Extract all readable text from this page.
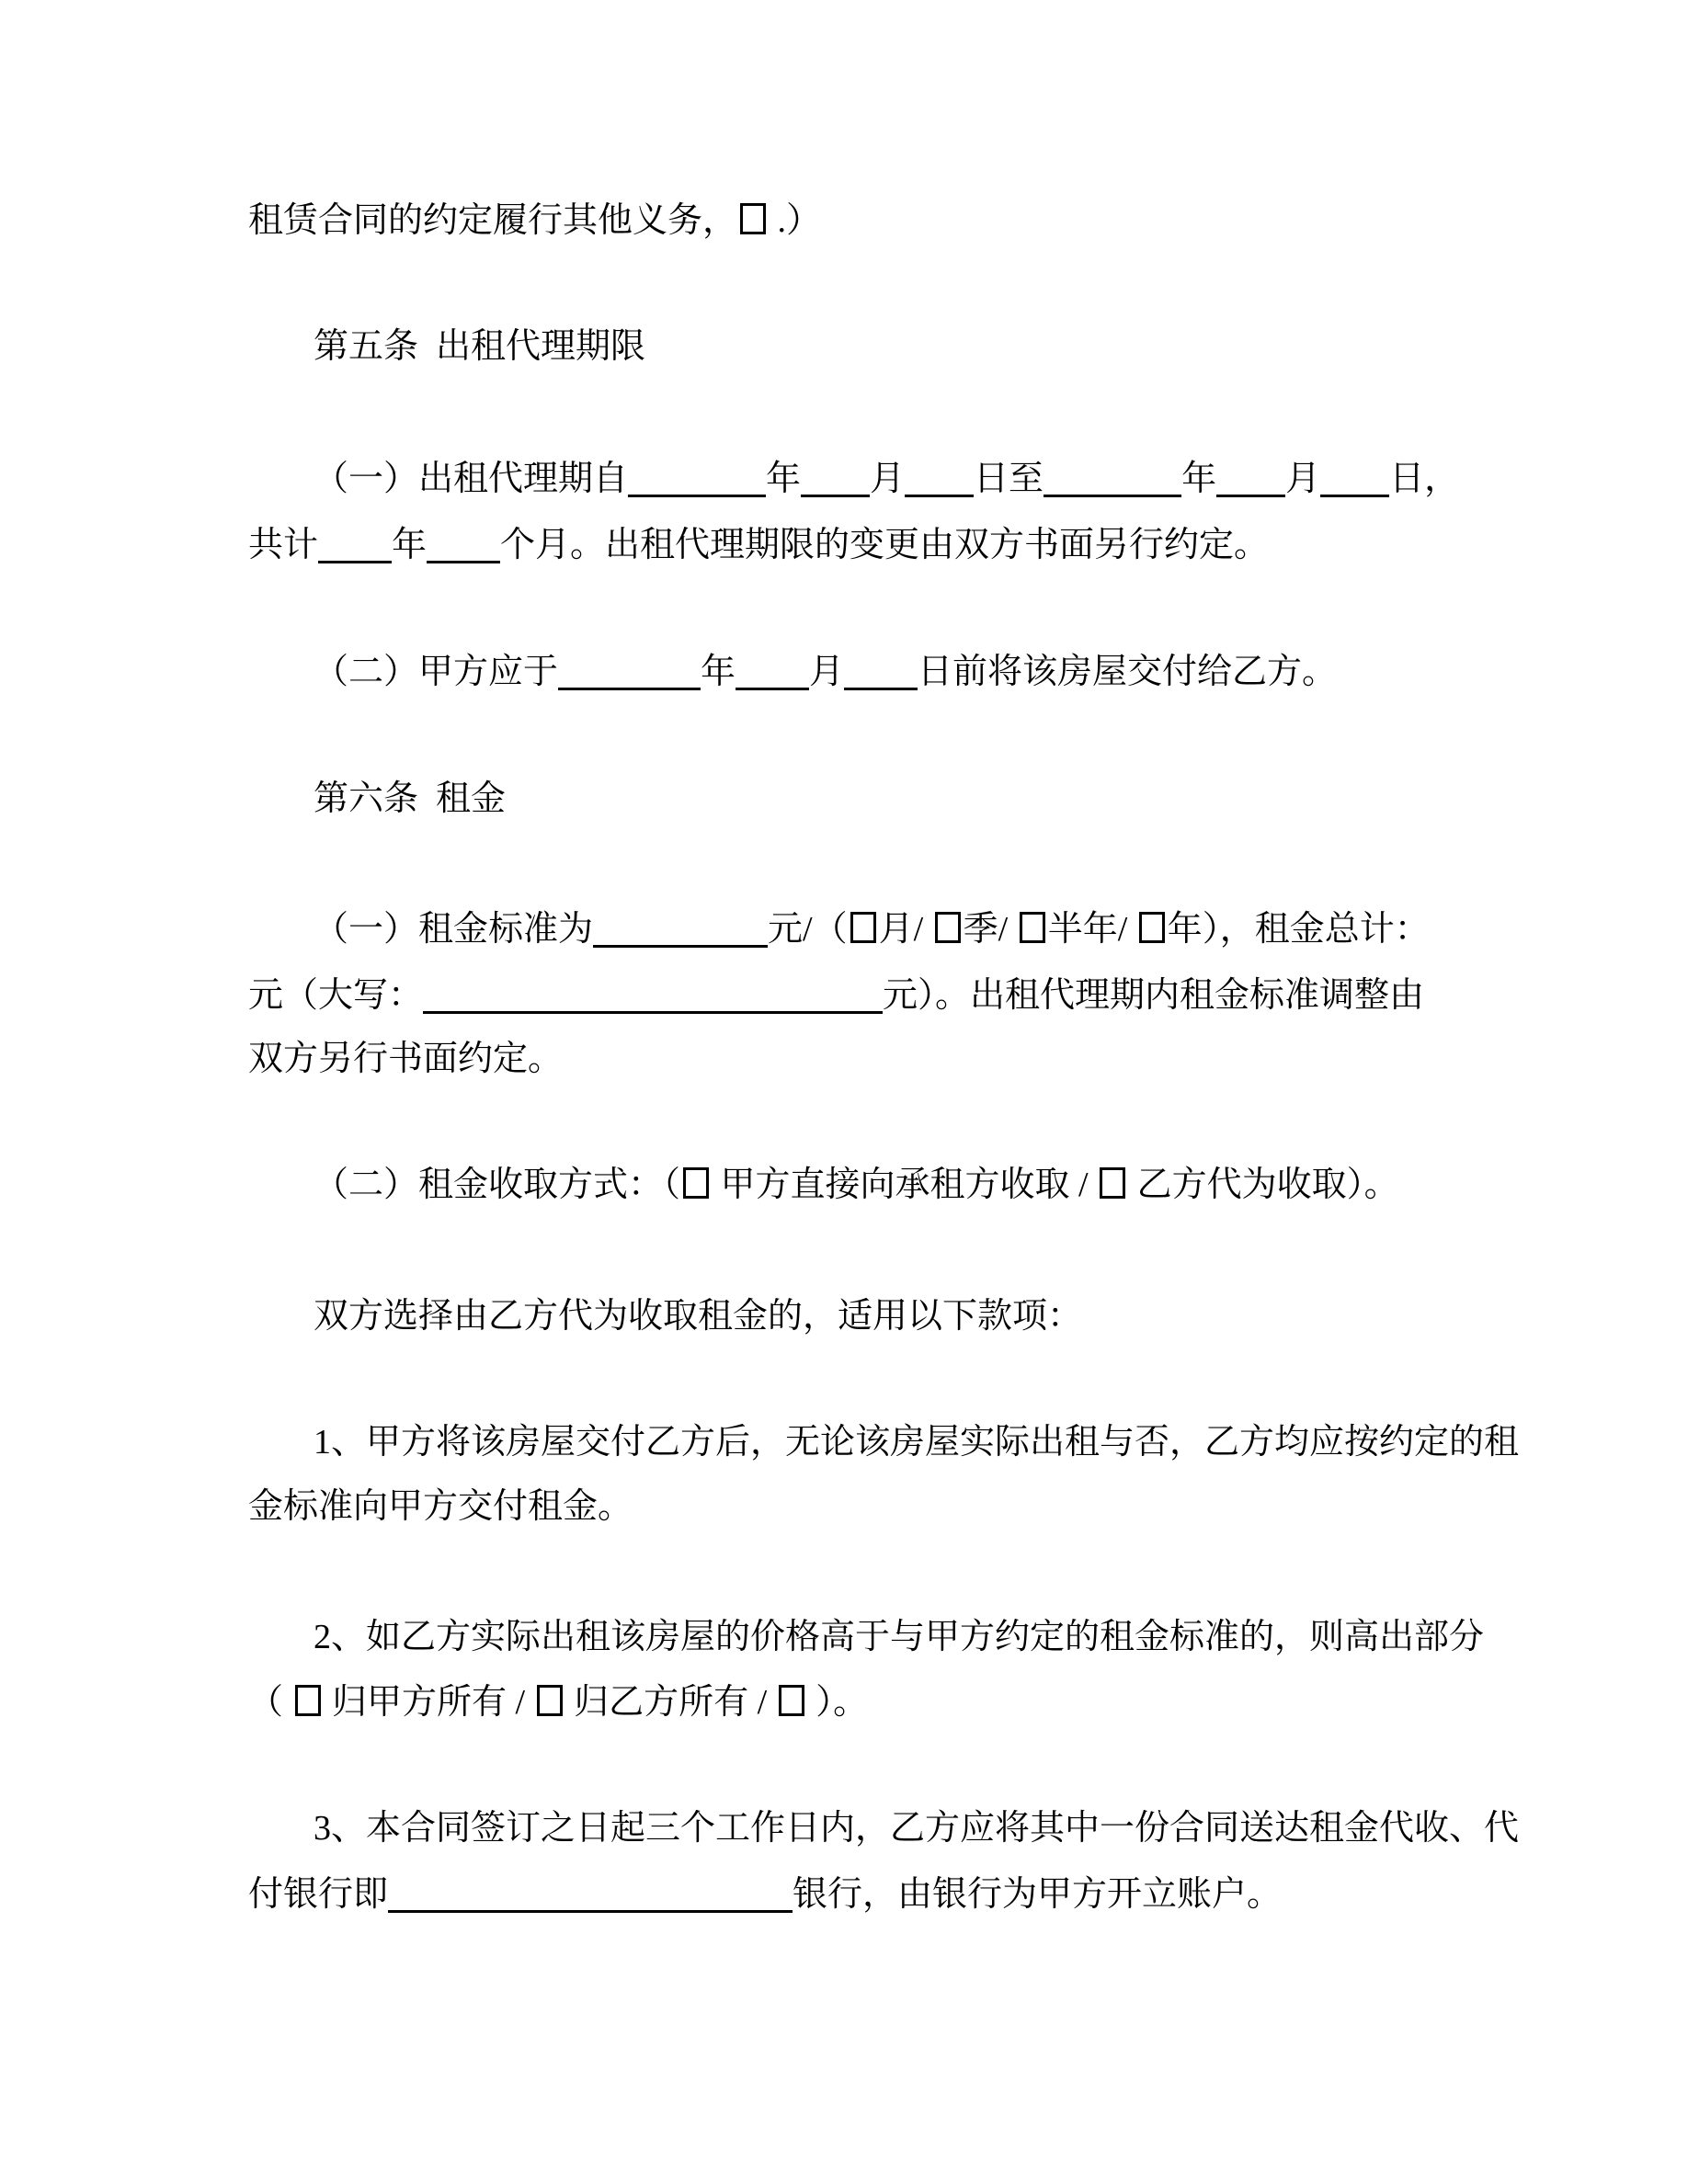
租赁合同的约定履行其他义务， .）
第五条  出租代理期限
（一）出租代理期自	年 月 日至	年 月 日，
共计 年 个月。出租代理期限的变更由双方书面另行约定。
（二）甲方应于	年 月 日前将该房屋交付给乙方。
第六条  租金
（一）租金标准为	元/（ 月/ 季/ 半年/ 年），租金总计：
元（大写：	元）。出租代理期内租金标准调整由
双方另行书面约定。
（二）租金收取方式：（ 甲方直接向承租方收取 /  乙方代为收取）。
双方选择由乙方代为收取租金的，适用以下款项：
1、甲方将该房屋交付乙方后，无论该房屋实际出租与否，乙方均应按约定的租
金标准向甲方交付租金。
2、如乙方实际出租该房屋的价格高于与甲方约定的租金标准的，则高出部分
（  归甲方所有 /  归乙方所有 /  ）。
3、本合同签订之日起三个工作日内，乙方应将其中一份合同送达租金代收、代
付银行即	银行，由银行为甲方开立账户。
